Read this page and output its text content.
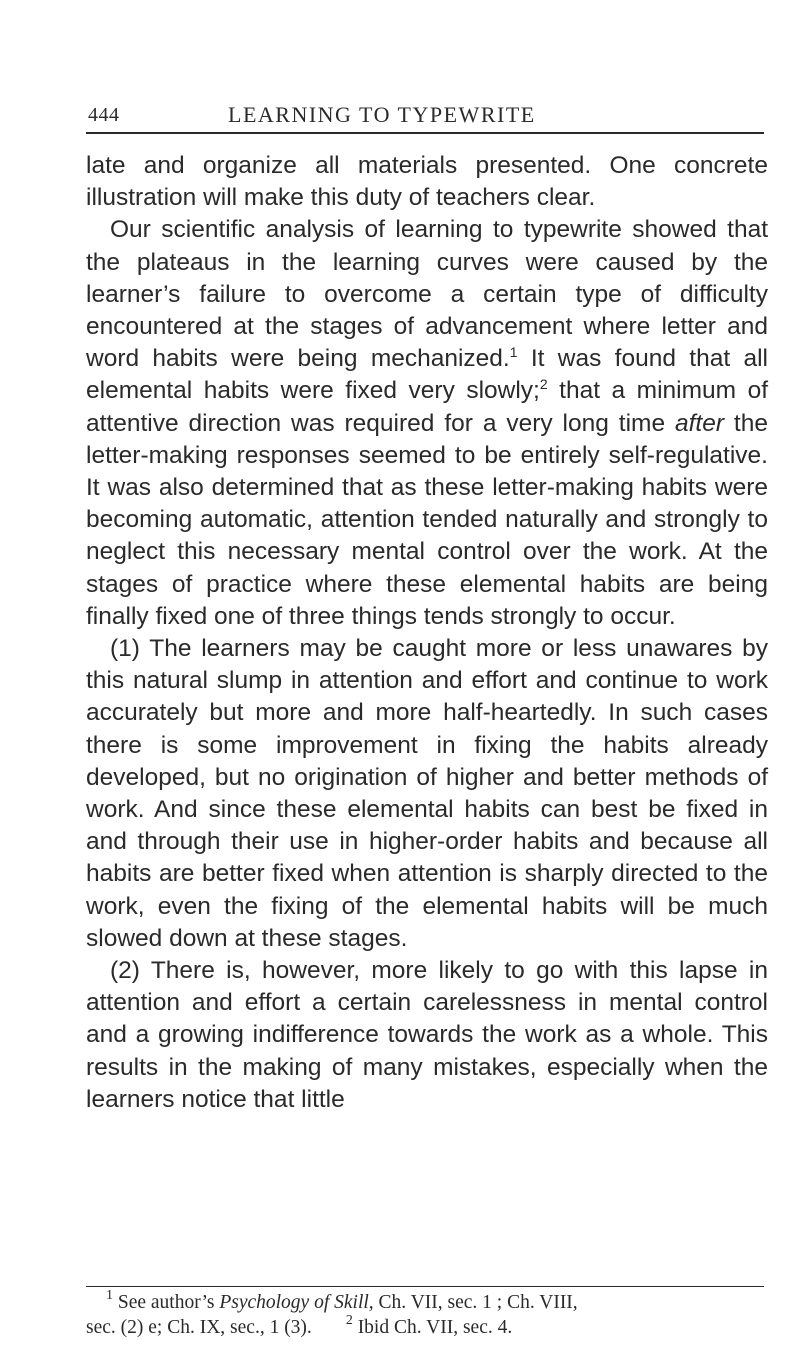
444	LEARNING TO TYPEWRITE

late and organize all materials presented. One concrete illustration will make this duty of teachers clear.

Our scientific analysis of learning to typewrite showed that the plateaus in the learning curves were caused by the learner’s failure to overcome a certain type of difficulty encountered at the stages of advancement where letter and word habits were being mechanized.$^1$ It was found that all elemental habits were fixed very slowly;$^2$ that a minimum of attentive direction was required for a very long time after the letter-making responses seemed to be entirely self-regulative. It was also determined that as these letter-making habits were becoming automatic, attention tended naturally and strongly to neglect this necessary mental control over the work. At the stages of practice where these elemental habits are being finally fixed one of three things tends strongly to occur.

(1) The learners may be caught more or less unawares by this natural slump in attention and effort and continue to work accurately but more and more half-heartedly. In such cases there is some improvement in fixing the habits already developed, but no origination of higher and better methods of work. And since these elemental habits can best be fixed in and through their use in higher-order habits and because all habits are better fixed when attention is sharply directed to the work, even the fixing of the elemental habits will be much slowed down at these stages.

(2) There is, however, more likely to go with this lapse in attention and effort a certain carelessness in mental control and a growing indifference towards the work as a whole. This results in the making of many mistakes, especially when the learners notice that little

$^1$ See author’s Psychology of Skill, Ch. VII, sec. 1 ; Ch. VIII,

sec. (2) e; Ch. IX, sec., 1 (3). $^2$ Ibid Ch. VII, sec. 4.
